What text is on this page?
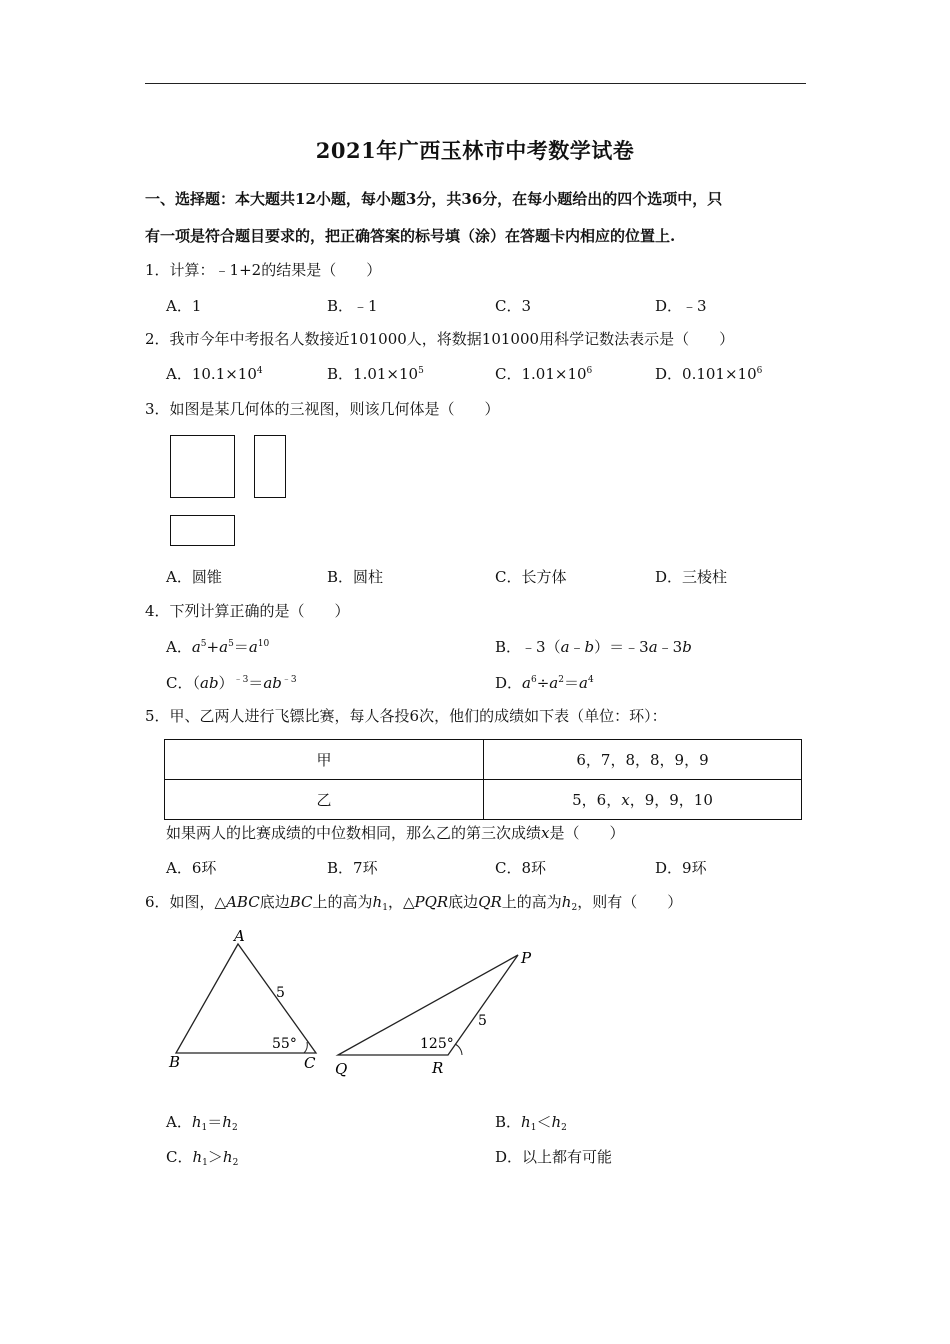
2021年广西玉林市中考数学试卷
一、选择题：本大题共12小题，每小题3分，共36分，在每小题给出的四个选项中，只
有一项是符合题目要求的，把正确答案的标号填（涂）在答题卡内相应的位置上.
1．计算：﹣1+2的结果是（　　）
A．1	B．﹣1	C．3	D．﹣3
2．我市今年中考报名人数接近101000人，将数据101000用科学记数法表示是（　　）
A．$10.1\times 10^4$	B．$1.01\times 10^5$	C．$1.01\times 10^6$	D．$0.101\times 10^6$
3．如图是某几何体的三视图，则该几何体是（　　）
A．圆锥	B．圆柱	C．长方体	D．三棱柱
4．下列计算正确的是（　　）
A．$a^5+a^5=a^{10}$	B．﹣3（a﹣b）＝﹣3a﹣3b
C．$(ab)^{﹣3}=ab^{﹣3}$	D．$a^6\div a^2=a^4$
5．甲、乙两人进行飞镖比赛，每人各投6次，他们的成绩如下表（单位：环）：
甲	6，7，8，8，9，9
乙	5，6，x，9，9，10
如果两人的比赛成绩的中位数相同，那么乙的第三次成绩x是（　　）
A．6环	B．7环	C．8环	D．9环
6．如图，△ABC底边BC上的高为$h_1$，△PQR底边QR上的高为$h_2$，则有（　　）
A
B	C
5
55°
P
Q	R
5
125°
A．$h_1=h_2$	B．$h_1<h_2$
C．$h_1>h_2$	D．以上都有可能
